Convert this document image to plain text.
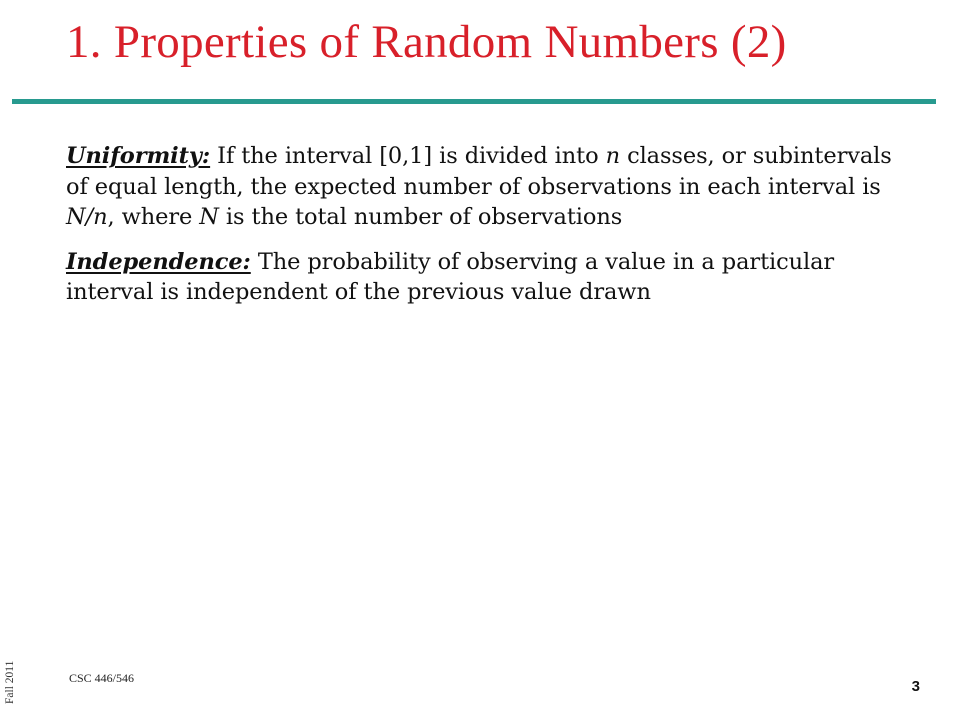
1. Properties of Random Numbers (2)

Uniformity: If the interval [0,1] is divided into n classes, or subintervals of equal length, the expected number of observations in each interval is N/n, where N is the total number of observations

Independence: The probability of observing a value in a particular interval is independent of the previous value drawn

Fall 2011	CSC 446/546	3
